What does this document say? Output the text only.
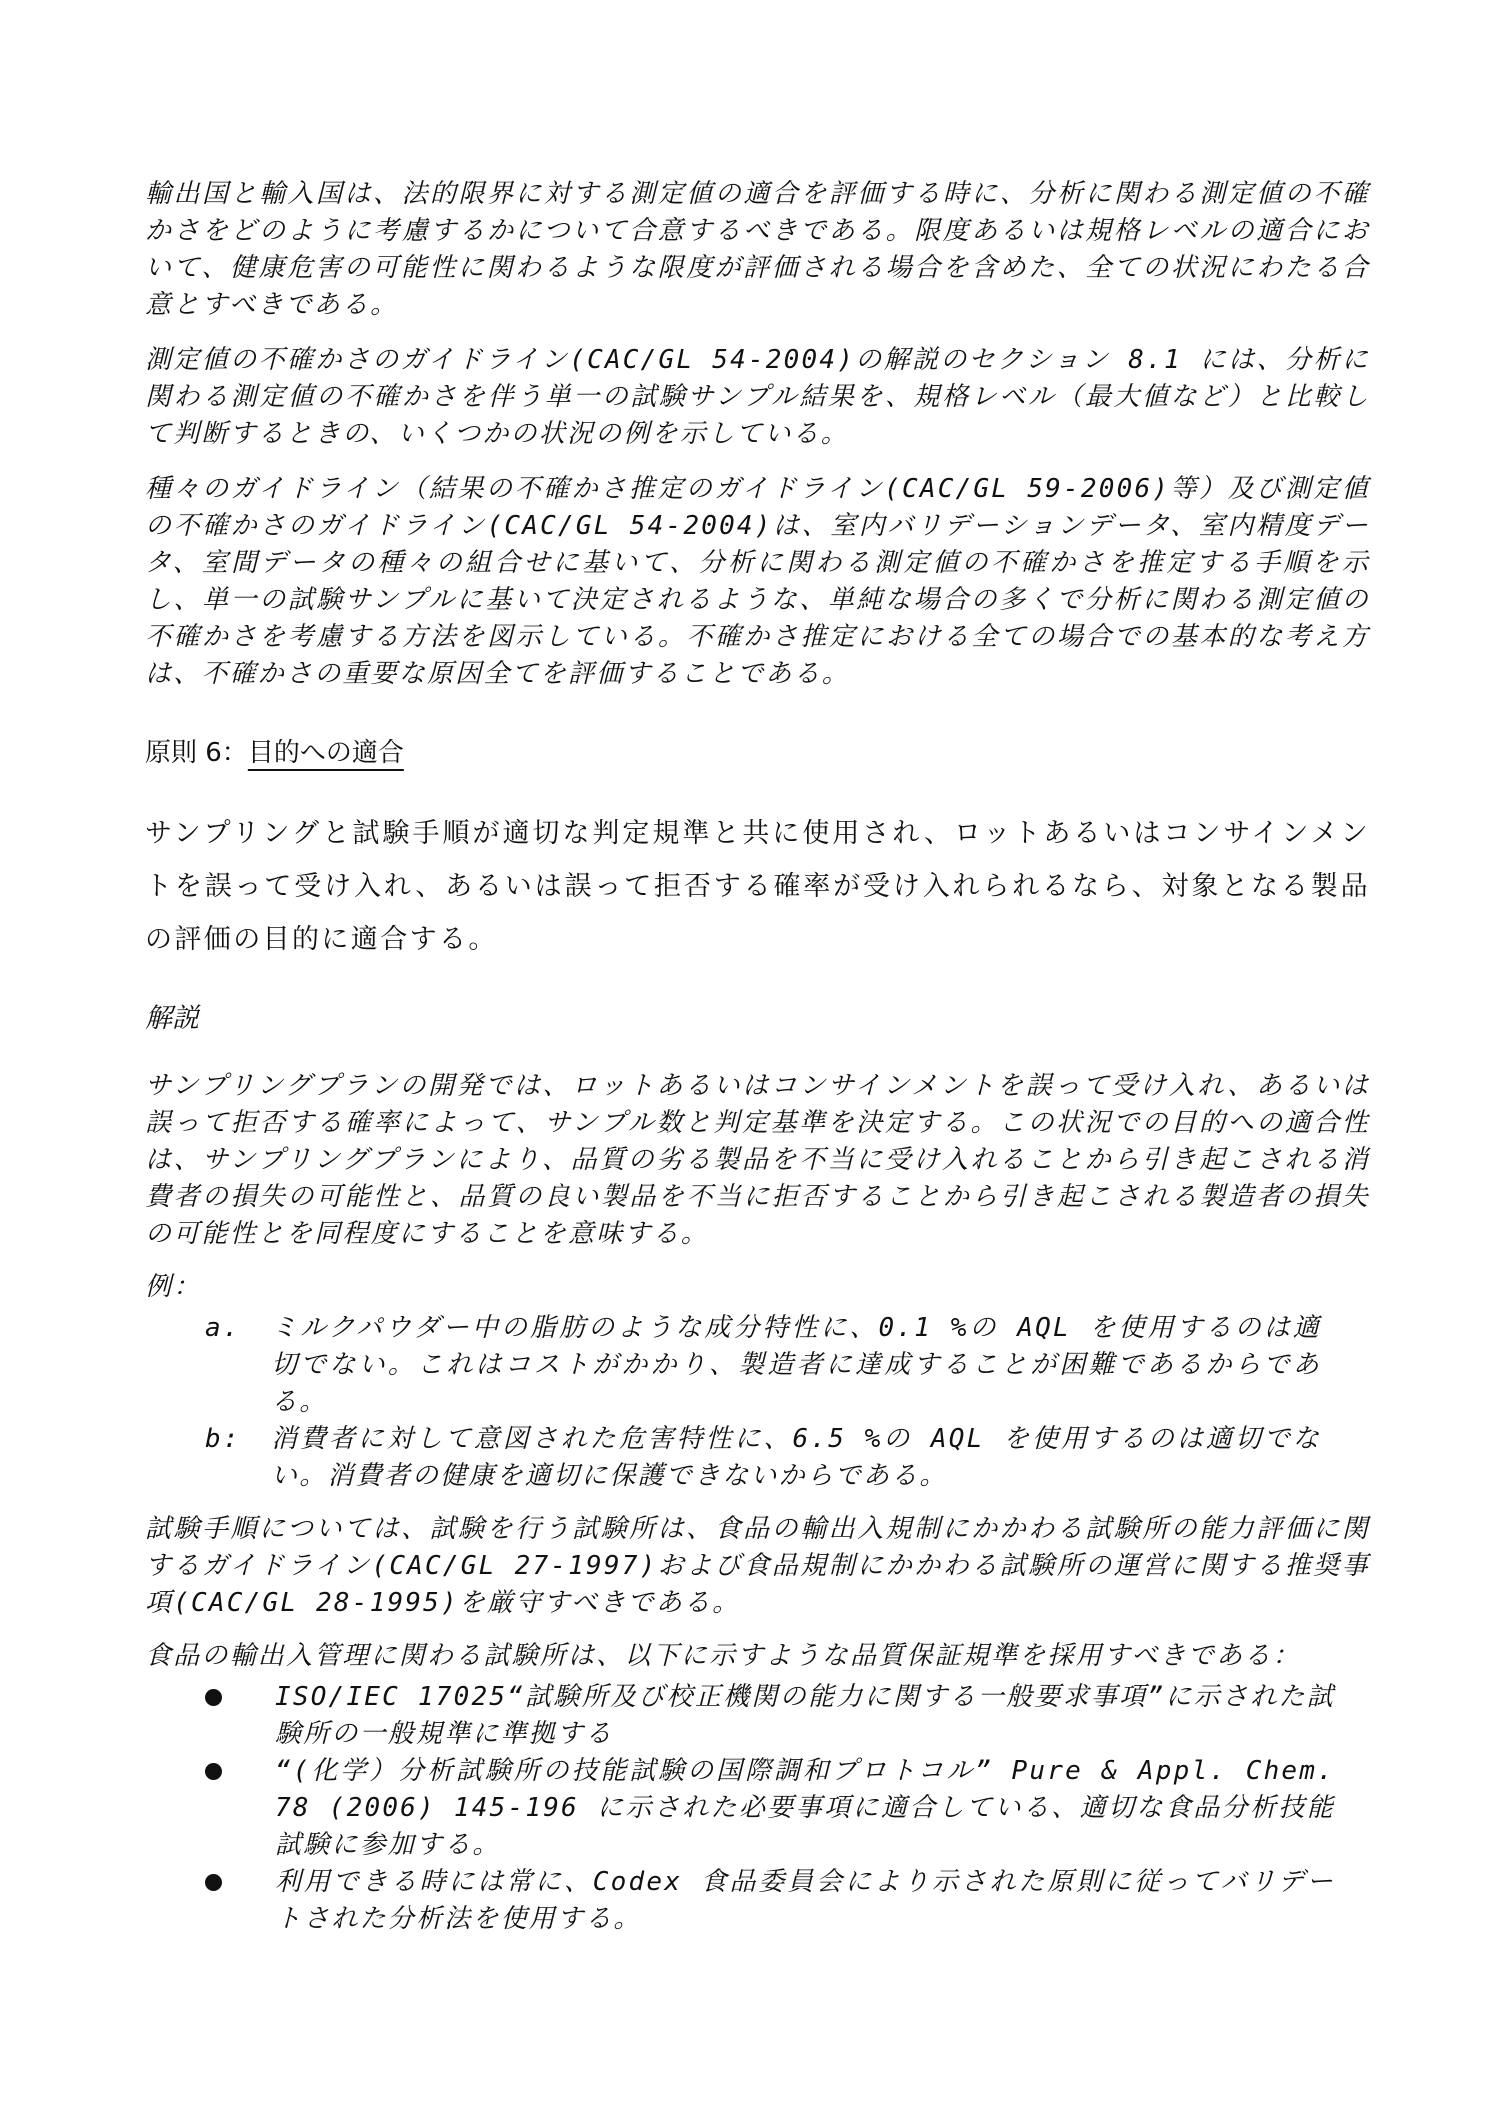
輸出国と輸入国は、法的限界に対する測定値の適合を評価する時に、分析に関わる測定値の不確かさをどのように考慮するかについて合意するべきである。限度あるいは規格レベルの適合において、健康危害の可能性に関わるような限度が評価される場合を含めた、全ての状況にわたる合意とすべきである。

測定値の不確かさのガイドライン(CAC/GL 54-2004)の解説のセクション 8.1 には、分析に関わる測定値の不確かさを伴う単一の試験サンプル結果を、規格レベル（最大値など）と比較して判断するときの、いくつかの状況の例を示している。

種々のガイドライン（結果の不確かさ推定のガイドライン(CAC/GL 59-2006)等）及び測定値の不確かさのガイドライン(CAC/GL 54-2004)は、室内バリデーションデータ、室内精度データ、室間データの種々の組合せに基いて、分析に関わる測定値の不確かさを推定する手順を示し、単一の試験サンプルに基いて決定されるような、単純な場合の多くで分析に関わる測定値の不確かさを考慮する方法を図示している。不確かさ推定における全ての場合での基本的な考え方は、不確かさの重要な原因全てを評価することである。

原則 6：目的への適合

サンプリングと試験手順が適切な判定規準と共に使用され、ロットあるいはコンサインメントを誤って受け入れ、あるいは誤って拒否する確率が受け入れられるなら、対象となる製品の評価の目的に適合する。

解説

サンプリングプランの開発では、ロットあるいはコンサインメントを誤って受け入れ、あるいは誤って拒否する確率によって、サンプル数と判定基準を決定する。この状況での目的への適合性は、サンプリングプランにより、品質の劣る製品を不当に受け入れることから引き起こされる消費者の損失の可能性と、品質の良い製品を不当に拒否することから引き起こされる製造者の損失の可能性とを同程度にすることを意味する。

例：

a.	ミルクパウダー中の脂肪のような成分特性に、0.1 %の AQL を使用するのは適切でない。これはコストがかかり、製造者に達成することが困難であるからである。
b:	消費者に対して意図された危害特性に、6.5 %の AQL を使用するのは適切でない。消費者の健康を適切に保護できないからである。

試験手順については、試験を行う試験所は、食品の輸出入規制にかかわる試験所の能力評価に関するガイドライン(CAC/GL 27-1997)および食品規制にかかわる試験所の運営に関する推奨事項(CAC/GL 28-1995)を厳守すべきである。

食品の輸出入管理に関わる試験所は、以下に示すような品質保証規準を採用すべきである：

ISO/IEC 17025“試験所及び校正機関の能力に関する一般要求事項”に示された試験所の一般規準に準拠する
“(化学）分析試験所の技能試験の国際調和プロトコル” Pure & Appl. Chem. 78 (2006) 145-196 に示された必要事項に適合している、適切な食品分析技能試験に参加する。
利用できる時には常に、Codex 食品委員会により示された原則に従ってバリデートされた分析法を使用する。
